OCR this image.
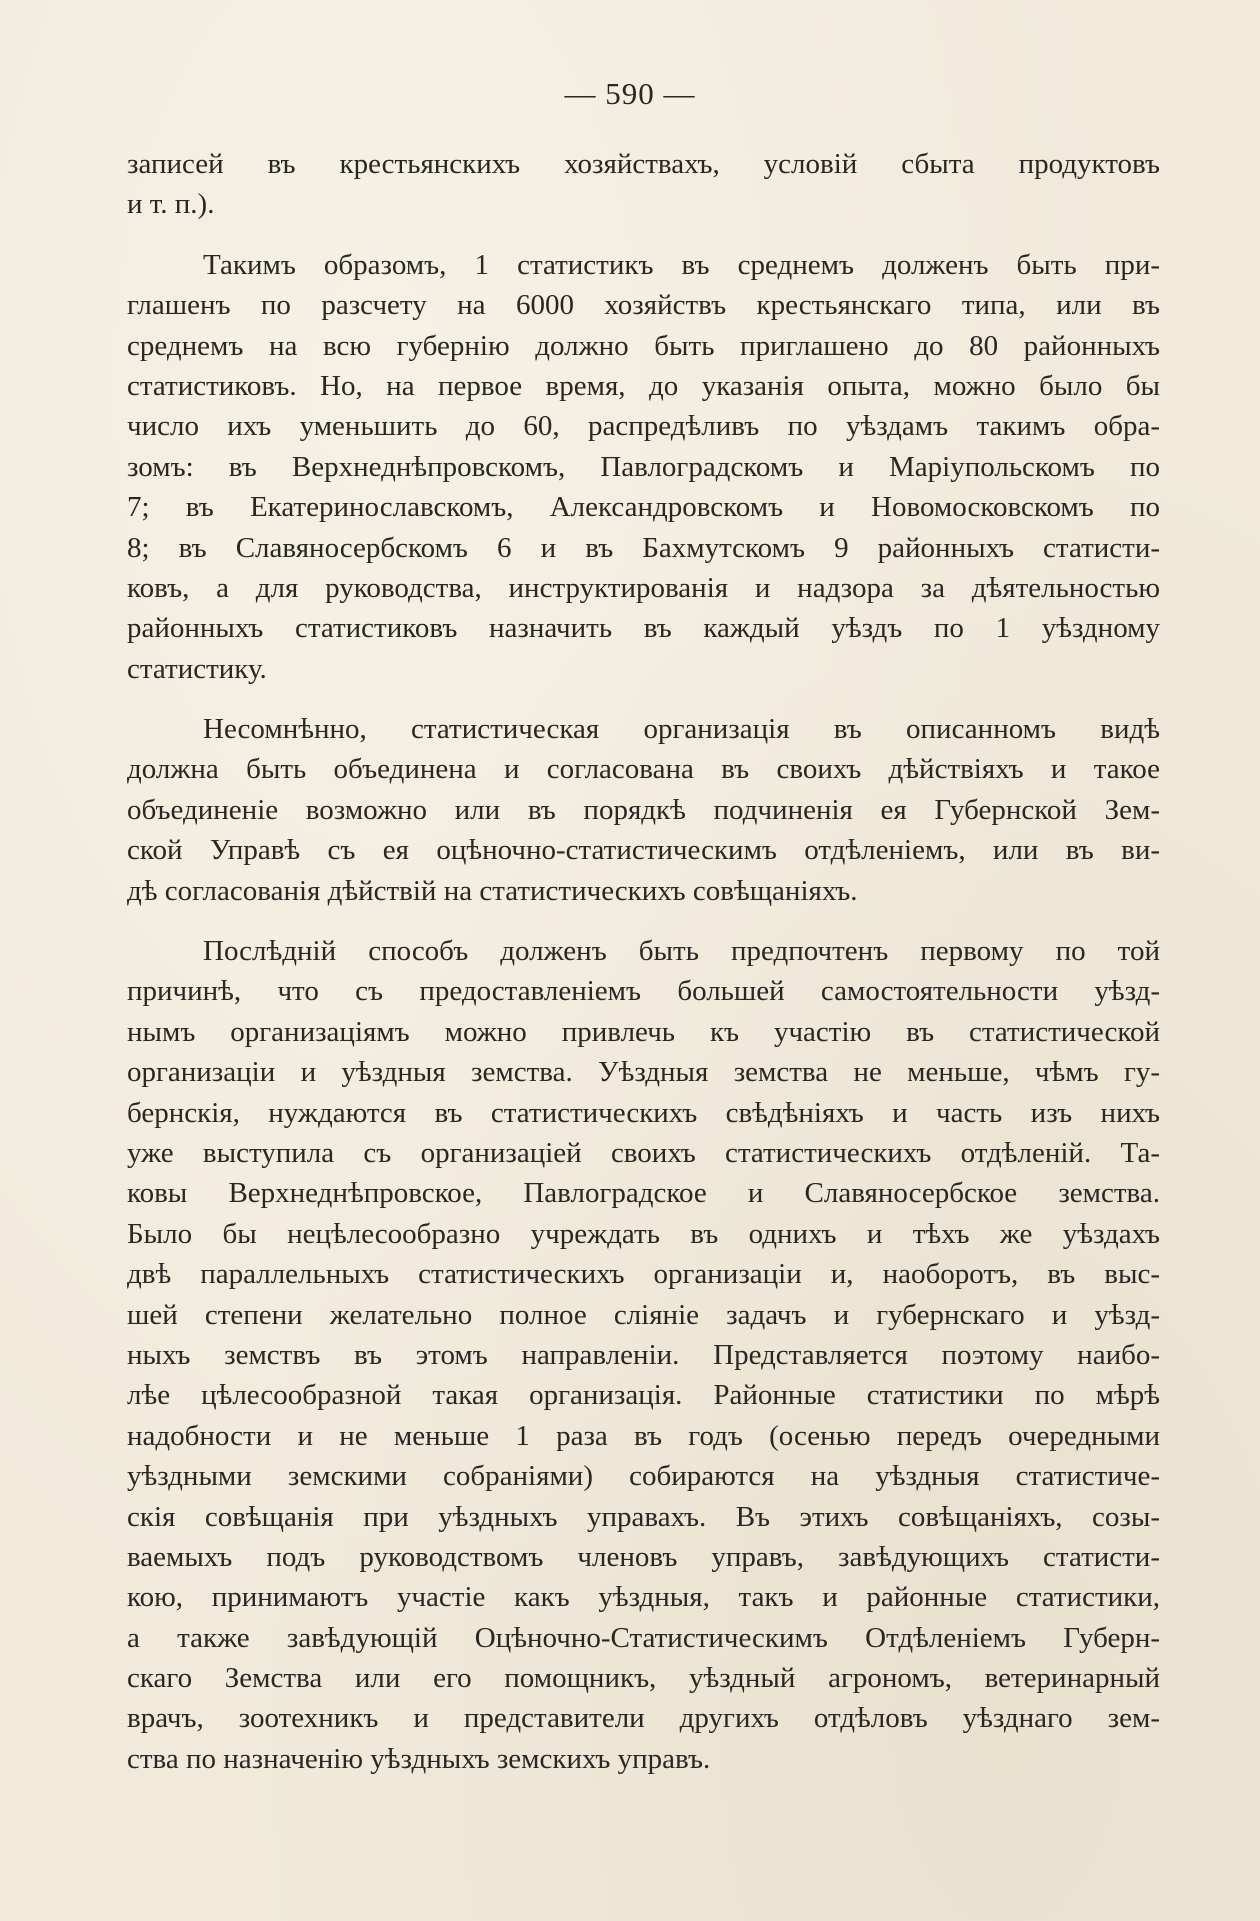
— 590 —
записей въ крестьянскихъ хозяйствахъ, условій сбыта продуктовъ
и т. п.).
Такимъ образомъ, 1 статистикъ въ среднемъ долженъ быть при-
глашенъ по разсчету на 6000 хозяйствъ крестьянскаго типа, или въ
среднемъ на всю губернію должно быть приглашено до 80 районныхъ
статистиковъ. Но, на первое время, до указанія опыта, можно было бы
число ихъ уменьшить до 60, распредѣливъ по уѣздамъ такимъ обра-
зомъ: въ Верхнеднѣпровскомъ, Павлоградскомъ и Маріупольскомъ по
7; въ Екатеринославскомъ, Александровскомъ и Новомосковскомъ по
8; въ Славяносербскомъ 6 и въ Бахмутскомъ 9 районныхъ статисти-
ковъ, а для руководства, инструктированія и надзора за дѣятельностью
районныхъ статистиковъ назначить въ каждый уѣздъ по 1 уѣздному
статистику.
Несомнѣнно, статистическая организація въ описанномъ видѣ
должна быть объединена и согласована въ своихъ дѣйствіяхъ и такое
объединеніе возможно или въ порядкѣ подчиненія ея Губернской Зем-
ской Управѣ съ ея оцѣночно-статистическимъ отдѣленіемъ, или въ ви-
дѣ согласованія дѣйствій на статистическихъ совѣщаніяхъ.
Послѣдній способъ долженъ быть предпочтенъ первому по той
причинѣ, что съ предоставленіемъ большей самостоятельности уѣзд-
нымъ организаціямъ можно привлечь къ участію въ статистической
организаціи и уѣздныя земства. Уѣздныя земства не меньше, чѣмъ гу-
бернскія, нуждаются въ статистическихъ свѣдѣніяхъ и часть изъ нихъ
уже выступила съ организаціей своихъ статистическихъ отдѣленій. Та-
ковы Верхнеднѣпровское, Павлоградское и Славяносербское земства.
Было бы нецѣлесообразно учреждать въ однихъ и тѣхъ же уѣздахъ
двѣ параллельныхъ статистическихъ организаціи и, наоборотъ, въ выс-
шей степени желательно полное сліяніе задачъ и губернскаго и уѣзд-
ныхъ земствъ въ этомъ направленіи. Представляется поэтому наибо-
лѣе цѣлесообразной такая организація. Районные статистики по мѣрѣ
надобности и не меньше 1 раза въ годъ (осенью передъ очередными
уѣздными земскими собраніями) собираются на уѣздныя статистиче-
скія совѣщанія при уѣздныхъ управахъ. Въ этихъ совѣщаніяхъ, созы-
ваемыхъ подъ руководствомъ членовъ управъ, завѣдующихъ статисти-
кою, принимаютъ участіе какъ уѣздныя, такъ и районные статистики,
а также завѣдующій Оцѣночно-Статистическимъ Отдѣленіемъ Губерн-
скаго Земства или его помощникъ, уѣздный агрономъ, ветеринарный
врачъ, зоотехникъ и представители другихъ отдѣловъ уѣзднаго зем-
ства по назначенію уѣздныхъ земскихъ управъ.
